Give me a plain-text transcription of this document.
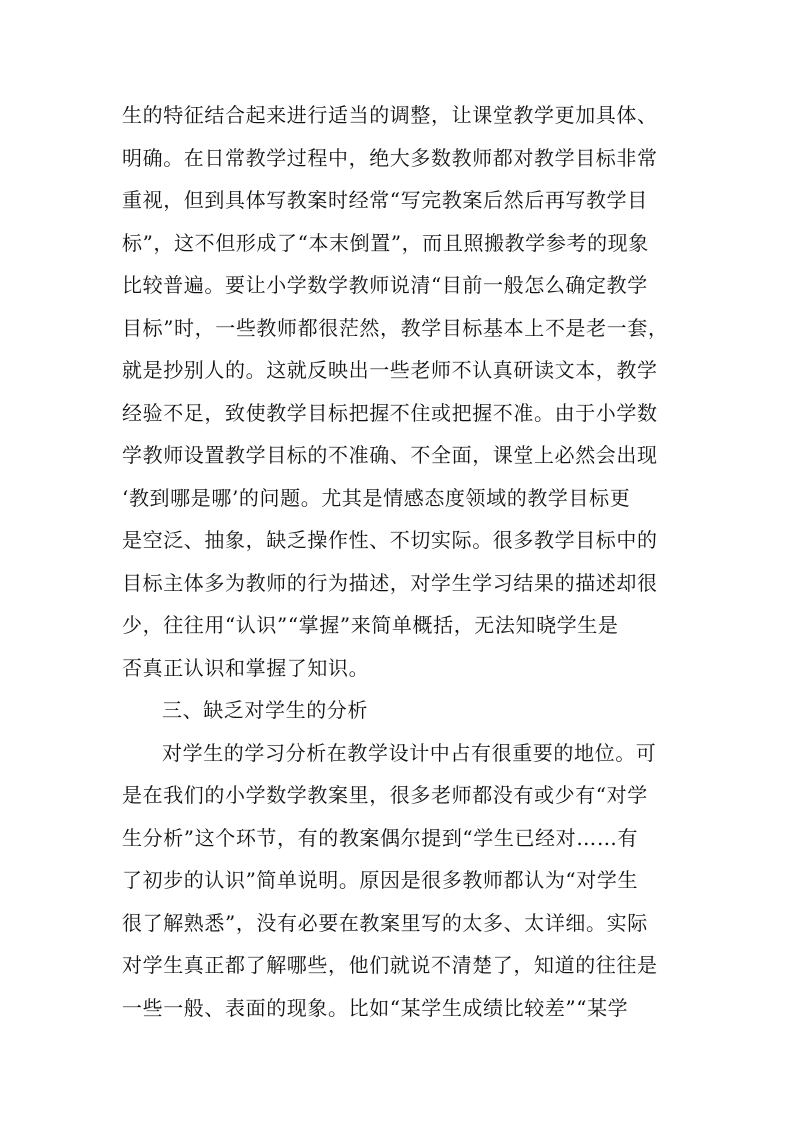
生的特征结合起来进行适当的调整，让课堂教学更加具体、

明确。在日常教学过程中，绝大多数教师都对教学目标非常

重视，但到具体写教案时经常“写完教案后然后再写教学目

标”，这不但形成了“本末倒置”，而且照搬教学参考的现象

比较普遍。要让小学数学教师说清“目前一般怎么确定教学

目标”时，一些教师都很茫然，教学目标基本上不是老一套，

就是抄别人的。这就反映出一些老师不认真研读文本，教学

经验不足，致使教学目标把握不住或把握不准。由于小学数

学教师设置教学目标的不准确、不全面，课堂上必然会出现

‘教到哪是哪’的问题。尤其是情感态度领域的教学目标更

是空泛、抽象，缺乏操作性、不切实际。很多教学目标中的

目标主体多为教师的行为描述，对学生学习结果的描述却很

少，往往用“认识”“掌握”来简单概括，无法知晓学生是

否真正认识和掌握了知识。

三、缺乏对学生的分析

对学生的学习分析在教学设计中占有很重要的地位。可

是在我们的小学数学教案里，很多老师都没有或少有“对学

生分析”这个环节，有的教案偶尔提到“学生已经对……有

了初步的认识”简单说明。原因是很多教师都认为“对学生

很了解熟悉”，没有必要在教案里写的太多、太详细。实际

对学生真正都了解哪些，他们就说不清楚了，知道的往往是

一些一般、表面的现象。比如“某学生成绩比较差”“某学
